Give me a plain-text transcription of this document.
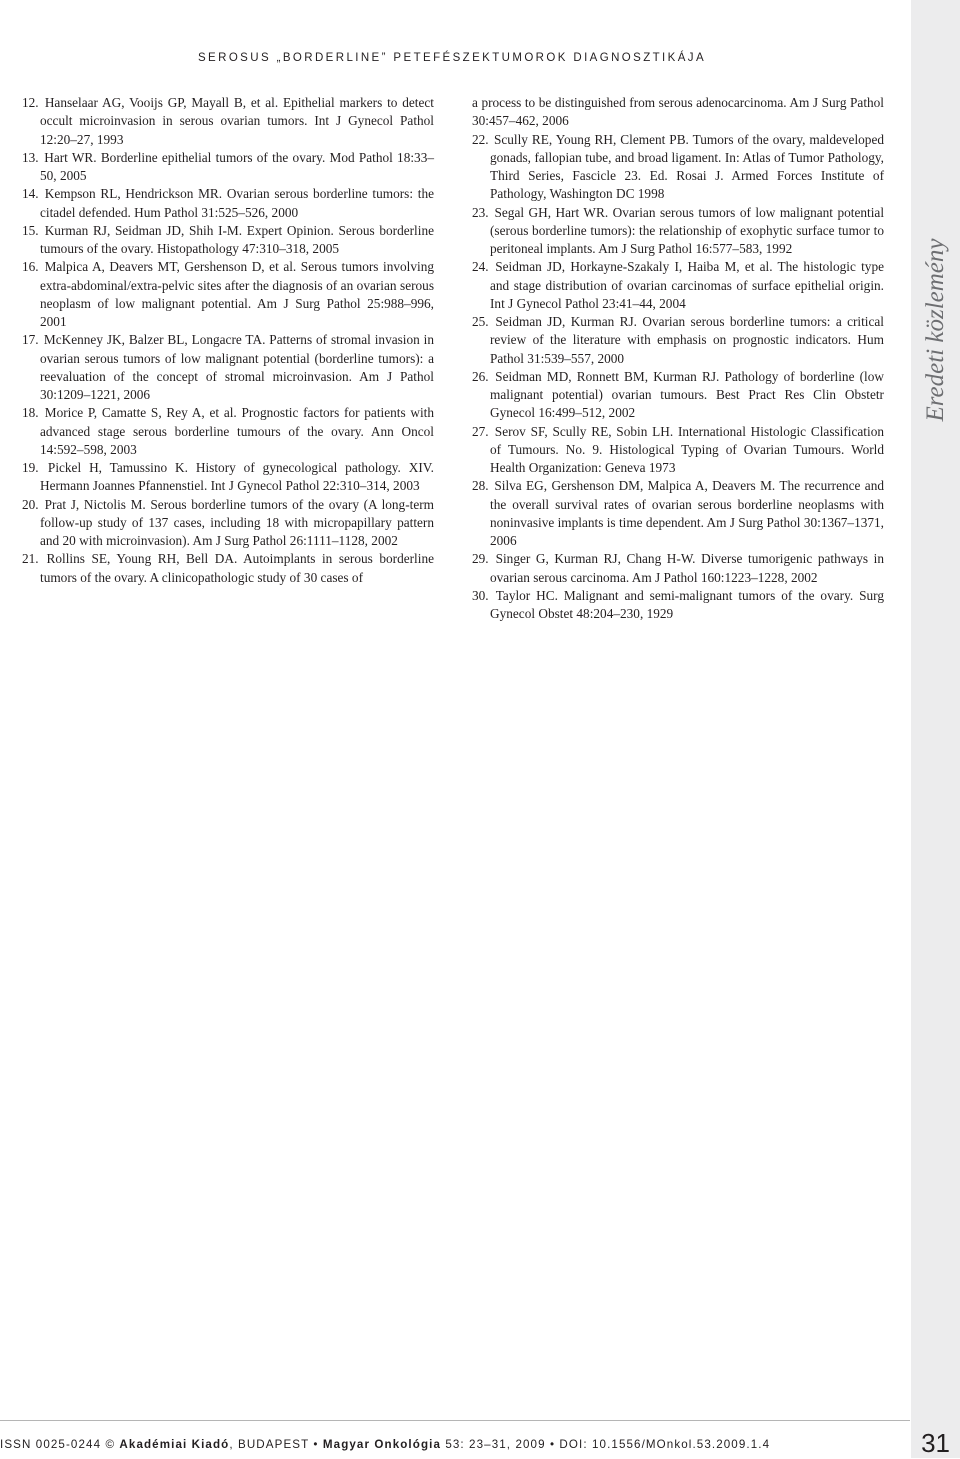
SEROSUS „BORDERLINE” PETEFÉSZEKTUMOROK DIAGNOSZTIKÁJA

12. Hanselaar AG, Vooijs GP, Mayall B, et al. Epithelial markers to detect occult microinvasion in serous ovarian tumors. Int J Gynecol Pathol 12:20–27, 1993

13. Hart WR. Borderline epithelial tumors of the ovary. Mod Pathol 18:33–50, 2005

14. Kempson RL, Hendrickson MR. Ovarian serous borderline tumors: the citadel defended. Hum Pathol 31:525–526, 2000

15. Kurman RJ, Seidman JD, Shih I-M. Expert Opinion. Serous borderline tumours of the ovary. Histopathology 47:310–318, 2005

16. Malpica A, Deavers MT, Gershenson D, et al. Serous tumors involving extra-abdominal/extra-pelvic sites after the diagnosis of an ovarian serous neoplasm of low malignant potential. Am J Surg Pathol 25:988–996, 2001

17. McKenney JK, Balzer BL, Longacre TA. Patterns of stromal invasion in ovarian serous tumors of low malignant potential (borderline tumors): a reevaluation of the concept of stromal microinvasion. Am J Pathol 30:1209–1221, 2006

18. Morice P, Camatte S, Rey A, et al. Prognostic factors for patients with advanced stage serous borderline tumours of the ovary. Ann Oncol 14:592–598, 2003

19. Pickel H, Tamussino K. History of gynecological pathology. XIV. Hermann Joannes Pfannenstiel. Int J Gynecol Pathol 22:310–314, 2003

20. Prat J, Nictolis M. Serous borderline tumors of the ovary (A long-term follow-up study of 137 cases, including 18 with micropapillary pattern and 20 with microinvasion). Am J Surg Pathol 26:1111–1128, 2002

21. Rollins SE, Young RH, Bell DA. Autoimplants in serous borderline tumors of the ovary. A clinicopathologic study of 30 cases of

a process to be distinguished from serous adenocarcinoma. Am J Surg Pathol 30:457–462, 2006

22. Scully RE, Young RH, Clement PB. Tumors of the ovary, maldeveloped gonads, fallopian tube, and broad ligament. In: Atlas of Tumor Pathology, Third Series, Fascicle 23. Ed. Rosai J. Armed Forces Institute of Pathology, Washington DC 1998

23. Segal GH, Hart WR. Ovarian serous tumors of low malignant potential (serous borderline tumors): the relationship of exophytic surface tumor to peritoneal implants. Am J Surg Pathol 16:577–583, 1992

24. Seidman JD, Horkayne-Szakaly I, Haiba M, et al. The histologic type and stage distribution of ovarian carcinomas of surface epithelial origin. Int J Gynecol Pathol 23:41–44, 2004

25. Seidman JD, Kurman RJ. Ovarian serous borderline tumors: a critical review of the literature with emphasis on prognostic indicators. Hum Pathol 31:539–557, 2000

26. Seidman MD, Ronnett BM, Kurman RJ. Pathology of borderline (low malignant potential) ovarian tumours. Best Pract Res Clin Obstetr Gynecol 16:499–512, 2002

27. Serov SF, Scully RE, Sobin LH. International Histologic Classification of Tumours. No. 9. Histological Typing of Ovarian Tumours. World Health Organization: Geneva 1973

28. Silva EG, Gershenson DM, Malpica A, Deavers M. The recurrence and the overall survival rates of ovarian serous borderline neoplasms with noninvasive implants is time dependent. Am J Surg Pathol 30:1367–1371, 2006

29. Singer G, Kurman RJ, Chang H-W. Diverse tumorigenic pathways in ovarian serous carcinoma. Am J Pathol 160:1223–1228, 2002

30. Taylor HC. Malignant and semi-malignant tumors of the ovary. Surg Gynecol Obstet 48:204–230, 1929

Eredeti közlemény
ISSN 0025-0244 © Akadémiai Kiadó, BUDAPEST • Magyar Onkológia 53: 23–31, 2009 • DOI: 10.1556/MOnkol.53.2009.1.4	31
